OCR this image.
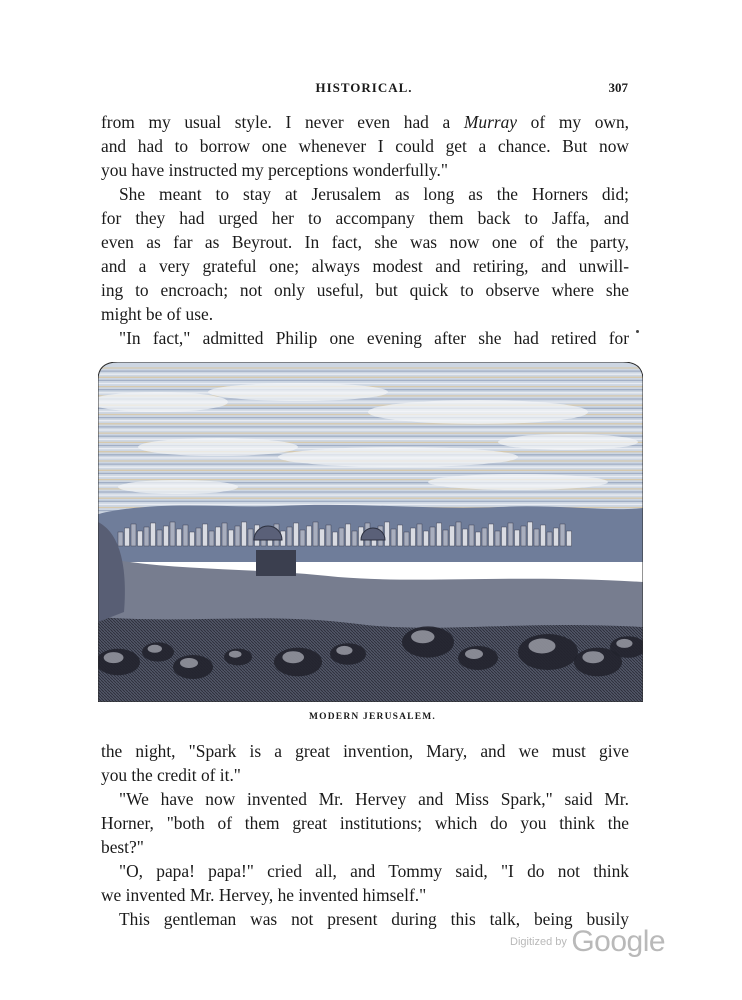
HISTORICAL.	307
from my usual style. I never even had a Murray of my own,
and had to borrow one whenever I could get a chance. But now
you have instructed my perceptions wonderfully."
She meant to stay at Jerusalem as long as the Horners did;
for they had urged her to accompany them back to Jaffa, and
even as far as Beyrout. In fact, she was now one of the party,
and a very grateful one; always modest and retiring, and unwill-
ing to encroach; not only useful, but quick to observe where she
might be of use.
"In fact," admitted Philip one evening after she had retired for
MODERN JERUSALEM.
the night, "Spark is a great invention, Mary, and we must give
you the credit of it."
"We have now invented Mr. Hervey and Miss Spark," said Mr.
Horner, "both of them great institutions; which do you think the
best?"
"O, papa! papa!" cried all, and Tommy said, "I do not think
we invented Mr. Hervey, he invented himself."
This gentleman was not present during this talk, being busily
Digitized by Google
